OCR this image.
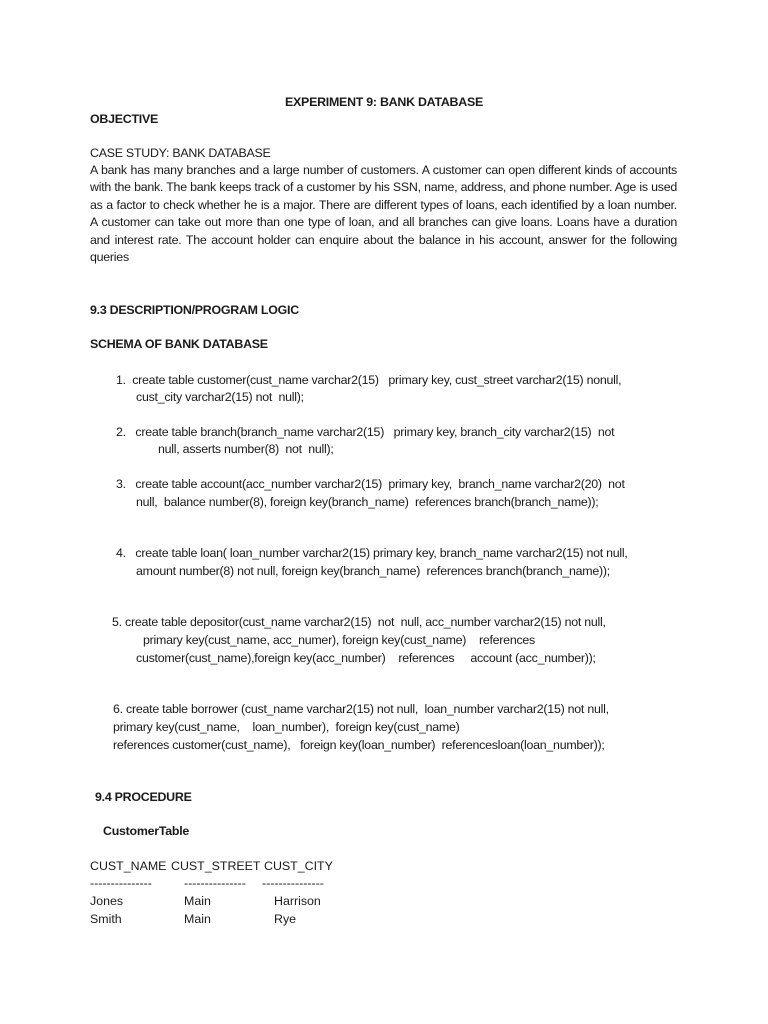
EXPERIMENT 9: BANK DATABASE
OBJECTIVE
CASE STUDY: BANK DATABASE
A bank has many branches and a large number of customers. A customer can open different kinds of accounts with the bank. The bank keeps track of a customer by his SSN, name, address, and phone number. Age is used as a factor to check whether he is a major. There are different types of loans, each identified by a loan number. A customer can take out more than one type of loan, and all branches can give loans. Loans have a duration and interest rate. The account holder can enquire about the balance in his account, answer for the following queries
9.3 DESCRIPTION/PROGRAM LOGIC
SCHEMA OF BANK DATABASE
1.  create table customer(cust_name varchar2(15)   primary key, cust_street varchar2(15) nonull,
cust_city varchar2(15) not  null);
2.   create table branch(branch_name varchar2(15)   primary key, branch_city varchar2(15)  not
null, asserts number(8)  not  null);
3.   create table account(acc_number varchar2(15)  primary key,  branch_name varchar2(20)  not
null,  balance number(8), foreign key(branch_name)  references branch(branch_name));
4.   create table loan( loan_number varchar2(15) primary key, branch_name varchar2(15) not null,
amount number(8) not null, foreign key(branch_name)  references branch(branch_name));
5. create table depositor(cust_name varchar2(15)  not  null, acc_number varchar2(15) not null,
primary key(cust_name, acc_numer), foreign key(cust_name)    references
customer(cust_name),foreign key(acc_number)    references     account (acc_number));
6. create table borrower (cust_name varchar2(15) not null,  loan_number varchar2(15) not null,
primary key(cust_name,    loan_number),  foreign key(cust_name)
references customer(cust_name),   foreign key(loan_number)  referencesloan(loan_number));
9.4 PROCEDURE
CustomerTable
CUST_NAME CUST_STREET CUST_CITY
---------------	--------------- ---------------
Jones	Main	Harrison
Smith	Main	Rye
